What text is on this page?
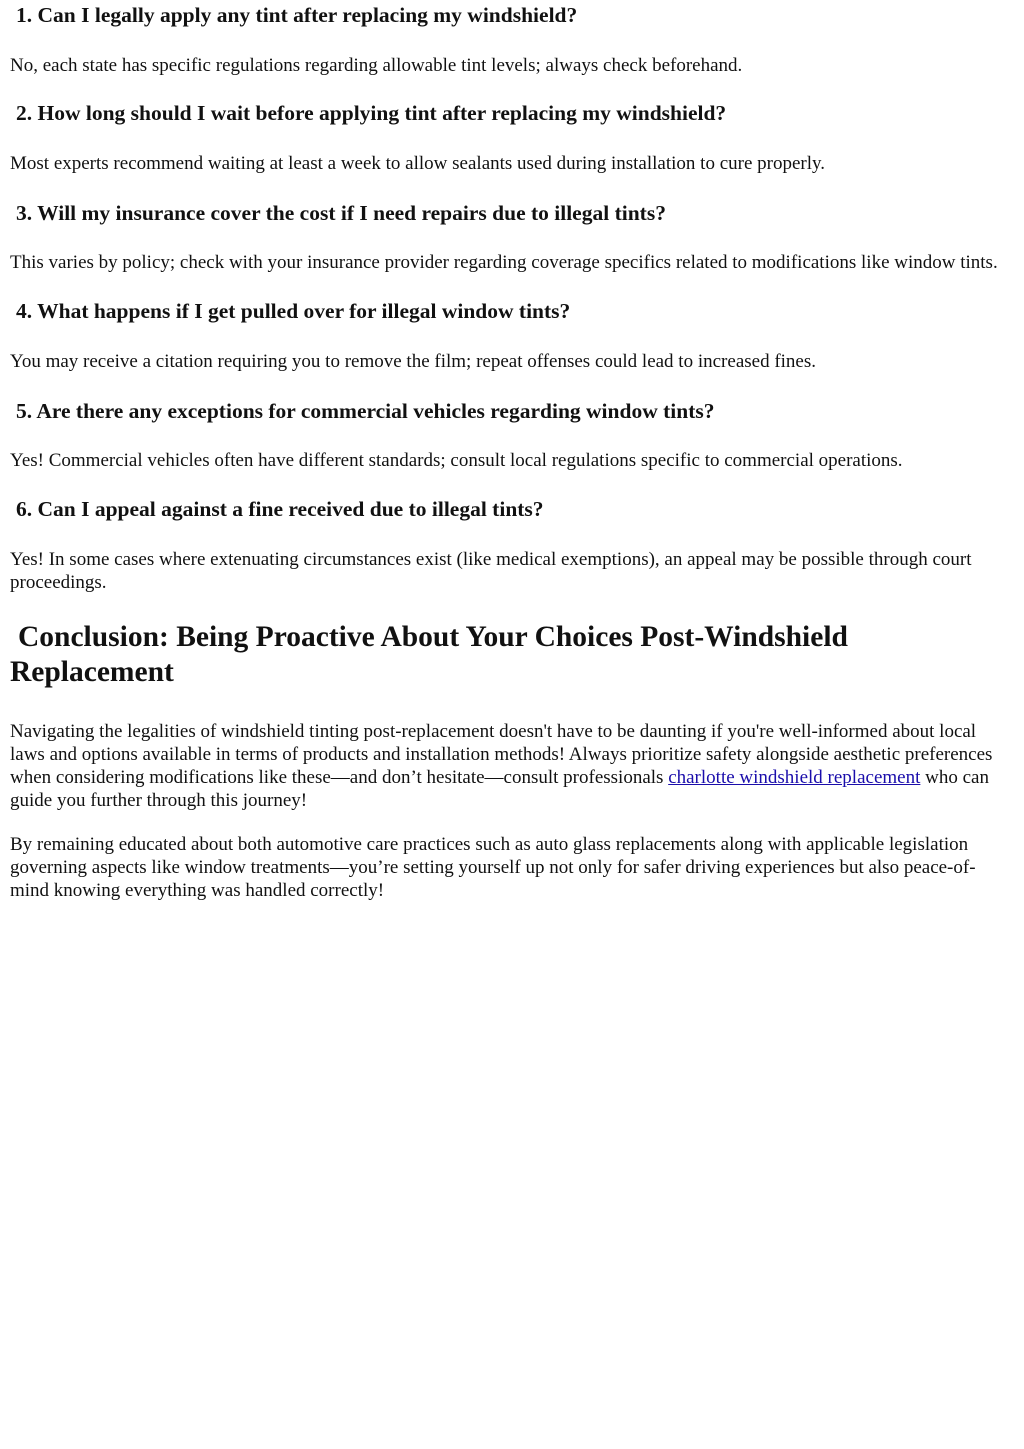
1. Can I legally apply any tint after replacing my windshield?

No, each state has specific regulations regarding allowable tint levels; always check beforehand.

2. How long should I wait before applying tint after replacing my windshield?

Most experts recommend waiting at least a week to allow sealants used during installation to cure properly.

3. Will my insurance cover the cost if I need repairs due to illegal tints?

This varies by policy; check with your insurance provider regarding coverage specifics related to modifications like window tints.

4. What happens if I get pulled over for illegal window tints?

You may receive a citation requiring you to remove the film; repeat offenses could lead to increased fines.

5. Are there any exceptions for commercial vehicles regarding window tints?

Yes! Commercial vehicles often have different standards; consult local regulations specific to commercial operations.

6. Can I appeal against a fine received due to illegal tints?

Yes! In some cases where extenuating circumstances exist (like medical exemptions), an appeal may be possible through court proceedings.

Conclusion: Being Proactive About Your Choices Post-Windshield Replacement

Navigating the legalities of windshield tinting post-replacement doesn't have to be daunting if you're well-informed about local laws and options available in terms of products and installation methods! Always prioritize safety alongside aesthetic preferences when considering modifications like these—and don’t hesitate—consult professionals charlotte windshield replacement who can guide you further through this journey!

By remaining educated about both automotive care practices such as auto glass replacements along with applicable legislation governing aspects like window treatments—you’re setting yourself up not only for safer driving experiences but also peace-of-mind knowing everything was handled correctly!
